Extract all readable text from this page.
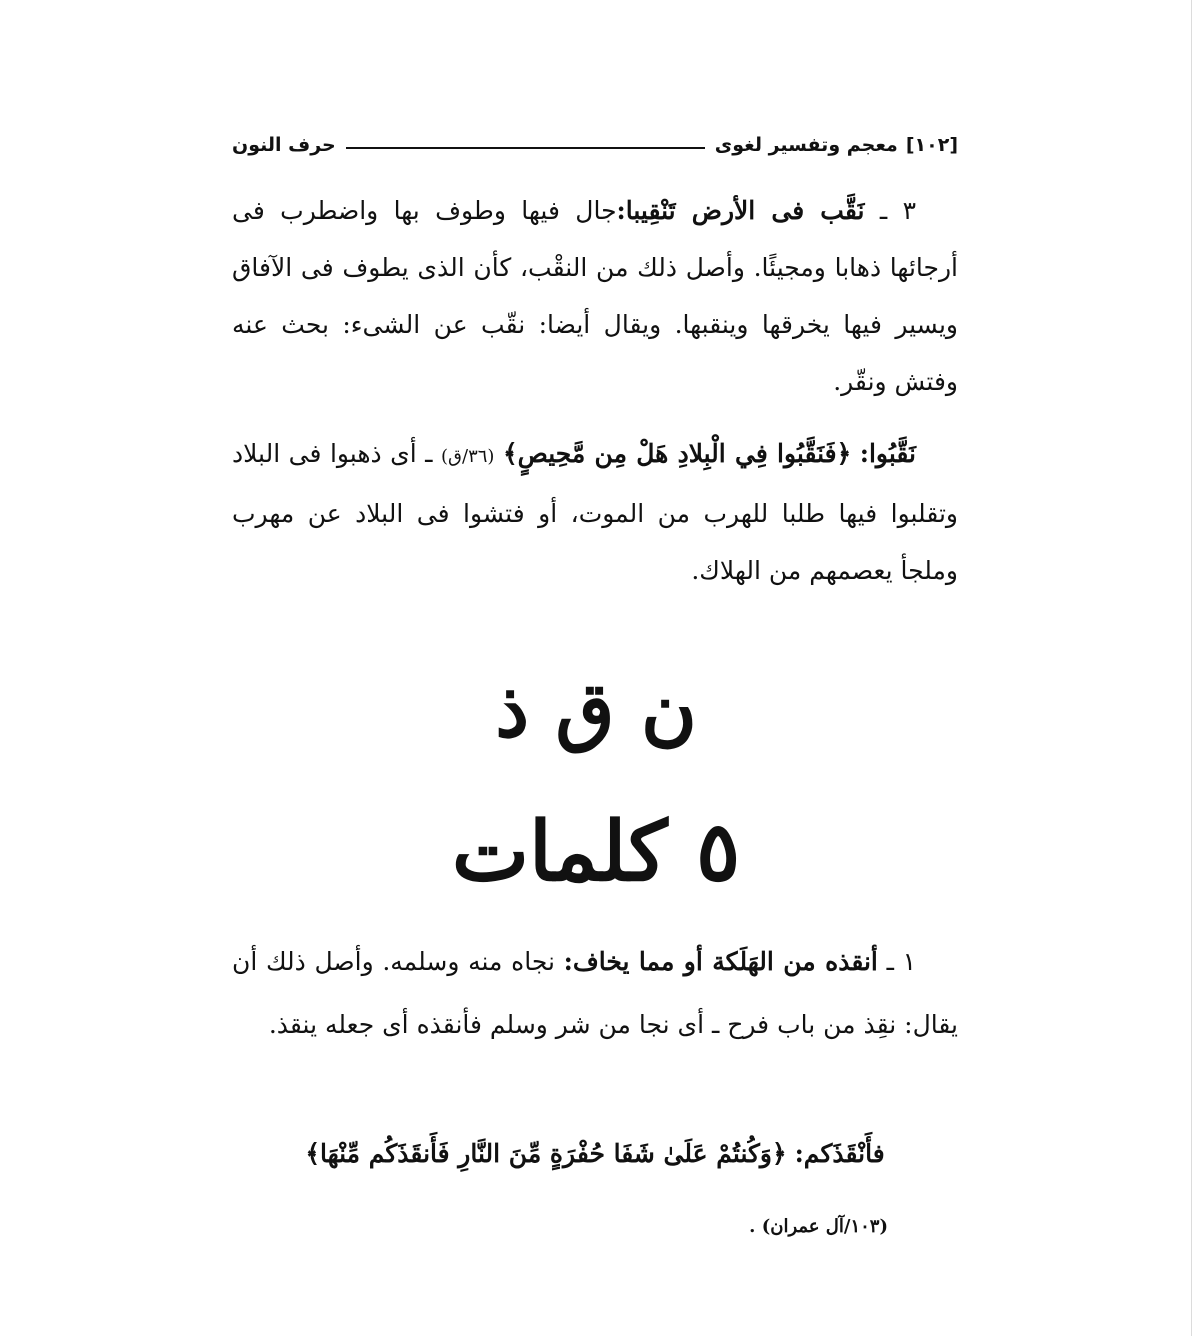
[١٠٢]
معجم وتفسير لغوى
حرف النون
٣ ـ نَقَّب فى الأرض تَنْقِيبا:جال فيها وطوف بها واضطرب فى أرجائها ذهابا ومجيئًا. وأصل ذلك من النقْب، كأن الذى يطوف فى الآفاق ويسير فيها يخرقها وينقبها. ويقال أيضا: نقّب عن الشىء: بحث عنه وفتش ونقّر.
نَقَّبُوا: ﴿فَنَقَّبُوا فِي الْبِلادِ هَلْ مِن مَّحِيصٍ﴾ (٣٦/ق) ـ أى ذهبوا فى البلاد وتقلبوا فيها طلبا للهرب من الموت، أو فتشوا فى البلاد عن مهرب وملجأ يعصمهم من الهلاك.
ن ق ذ
٥ كلمات
١ ـ أنقذه من الهَلَكة أو مما يخاف: نجاه منه وسلمه. وأصل ذلك أن يقال: نقِذ من باب فرح ـ أى نجا من شر وسلم فأنقذه أى جعله ينقذ.
فأَنْقَذَكم: ﴿وَكُنتُمْ عَلَىٰ شَفَا حُفْرَةٍ مِّنَ النَّارِ فَأَنقَذَكُم مِّنْهَا﴾
(١٠٣/آل عمران) .
